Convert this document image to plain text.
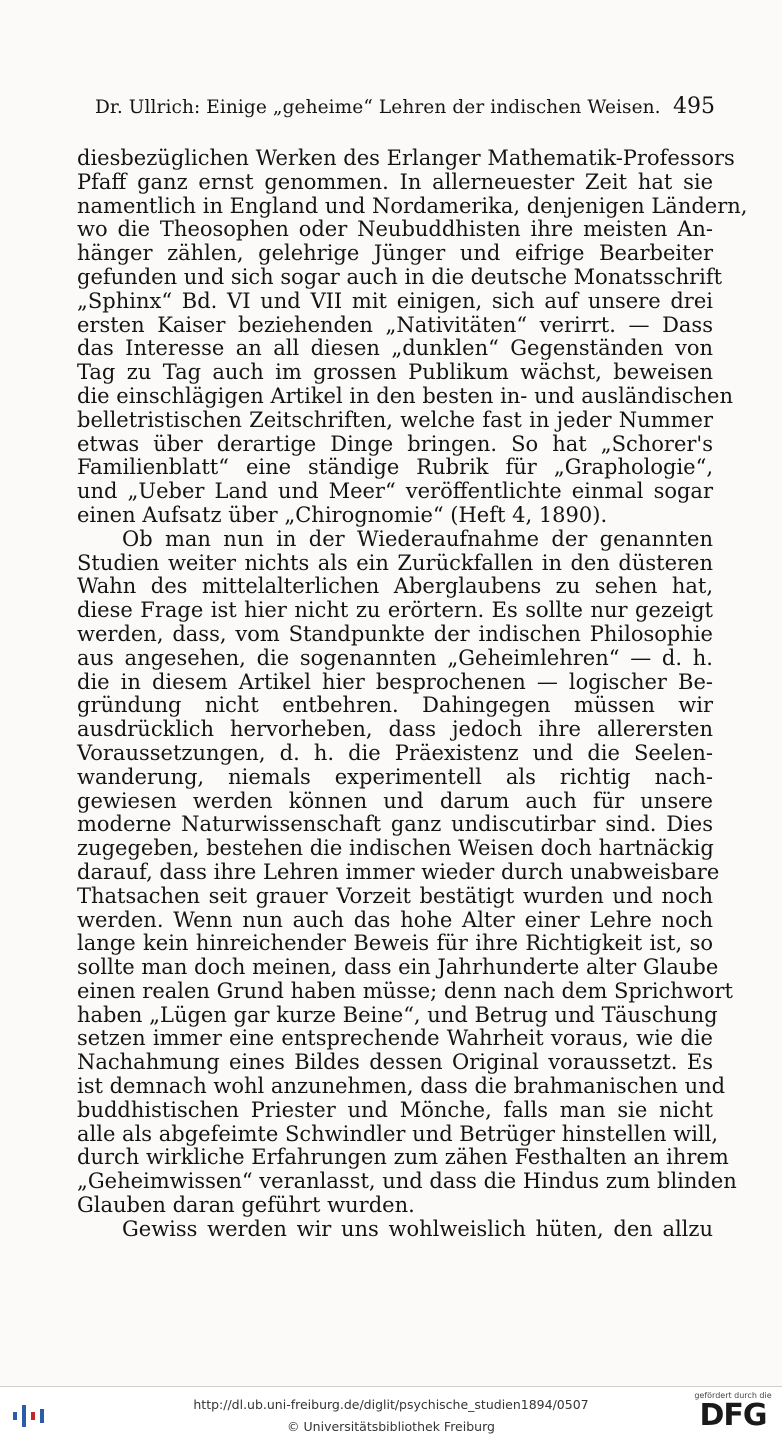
Dr. Ullrich: Einige „geheime“ Lehren der indischen Weisen. 495
diesbezüglichen Werken des Erlanger Mathematik-Professors
Pfaff ganz ernst genommen. In allerneuester Zeit hat sie
namentlich in England und Nordamerika, denjenigen Ländern,
wo die Theosophen oder Neubuddhisten ihre meisten An-
hänger zählen, gelehrige Jünger und eifrige Bearbeiter
gefunden und sich sogar auch in die deutsche Monatsschrift
„Sphinx“ Bd. VI und VII mit einigen, sich auf unsere drei
ersten Kaiser beziehenden „Nativitäten“ verirrt. — Dass
das Interesse an all diesen „dunklen“ Gegenständen von
Tag zu Tag auch im grossen Publikum wächst, beweisen
die einschlägigen Artikel in den besten in- und ausländischen
belletristischen Zeitschriften, welche fast in jeder Nummer
etwas über derartige Dinge bringen. So hat „Schorer's
Familienblatt“ eine ständige Rubrik für „Graphologie“,
und „Ueber Land und Meer“ veröffentlichte einmal sogar
einen Aufsatz über „Chirognomie“ (Heft 4, 1890).
Ob man nun in der Wiederaufnahme der genannten
Studien weiter nichts als ein Zurückfallen in den düsteren
Wahn des mittelalterlichen Aberglaubens zu sehen hat,
diese Frage ist hier nicht zu erörtern. Es sollte nur gezeigt
werden, dass, vom Standpunkte der indischen Philosophie
aus angesehen, die sogenannten „Geheimlehren“ — d. h.
die in diesem Artikel hier besprochenen — logischer Be-
gründung nicht entbehren. Dahingegen müssen wir
ausdrücklich hervorheben, dass jedoch ihre allerersten
Voraussetzungen, d. h. die Präexistenz und die Seelen-
wanderung, niemals experimentell als richtig nach-
gewiesen werden können und darum auch für unsere
moderne Naturwissenschaft ganz undiscutirbar sind. Dies
zugegeben, bestehen die indischen Weisen doch hartnäckig
darauf, dass ihre Lehren immer wieder durch unabweisbare
Thatsachen seit grauer Vorzeit bestätigt wurden und noch
werden. Wenn nun auch das hohe Alter einer Lehre noch
lange kein hinreichender Beweis für ihre Richtigkeit ist, so
sollte man doch meinen, dass ein Jahrhunderte alter Glaube
einen realen Grund haben müsse; denn nach dem Sprichwort
haben „Lügen gar kurze Beine“, und Betrug und Täuschung
setzen immer eine entsprechende Wahrheit voraus, wie die
Nachahmung eines Bildes dessen Original voraussetzt. Es
ist demnach wohl anzunehmen, dass die brahmanischen und
buddhistischen Priester und Mönche, falls man sie nicht
alle als abgefeimte Schwindler und Betrüger hinstellen will,
durch wirkliche Erfahrungen zum zähen Festhalten an ihrem
„Geheimwissen“ veranlasst, und dass die Hindus zum blinden
Glauben daran geführt wurden.
Gewiss werden wir uns wohlweislich hüten, den allzu
http://dl.ub.uni-freiburg.de/diglit/psychische_studien1894/0507
© Universitätsbibliothek Freiburg
gefördert durch die
DFG
